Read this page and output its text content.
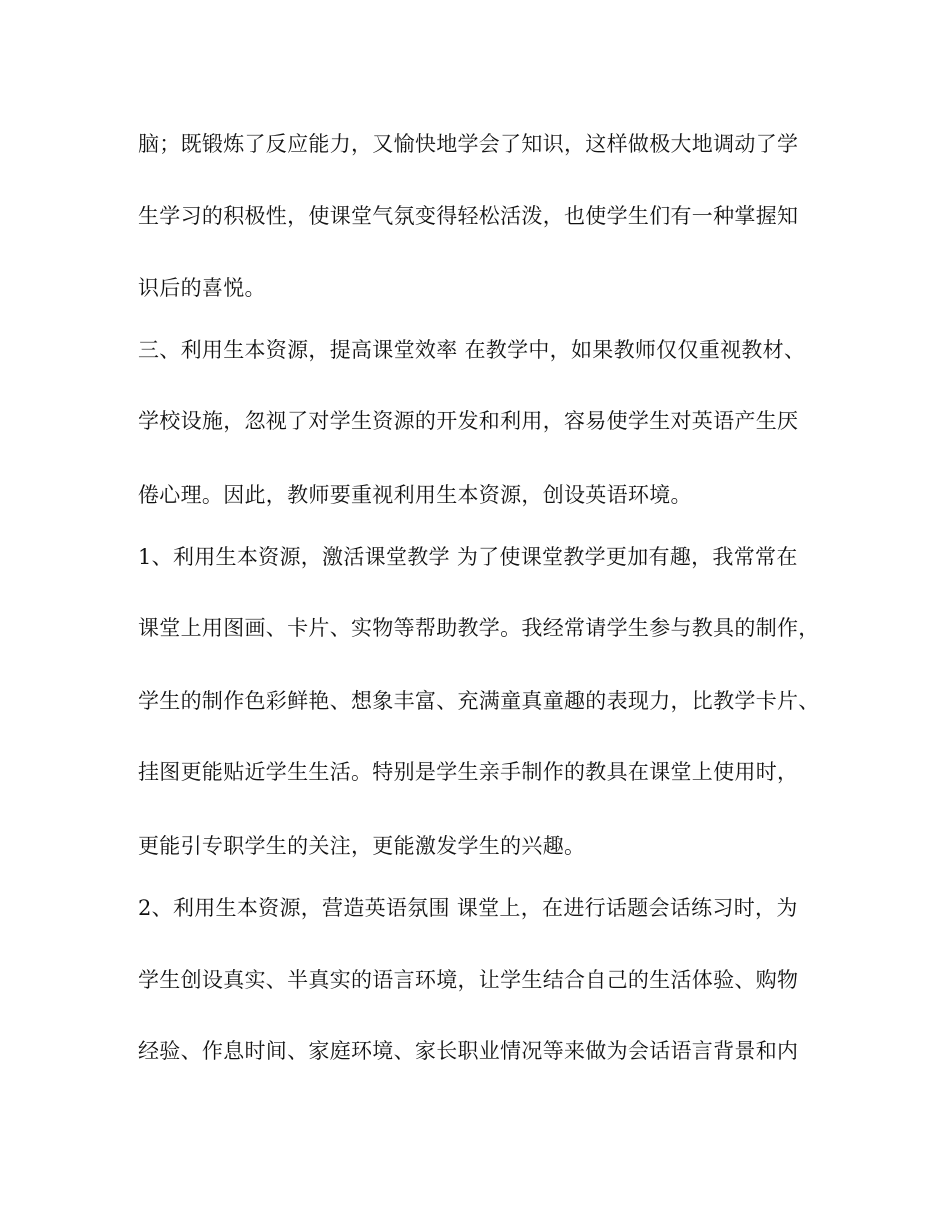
脑；既锻炼了反应能力，又愉快地学会了知识，这样做极大地调动了学
生学习的积极性，使课堂气氛变得轻松活泼，也使学生们有一种掌握知
识后的喜悦。
三、利用生本资源，提高课堂效率 在教学中，如果教师仅仅重视教材、
学校设施，忽视了对学生资源的开发和利用，容易使学生对英语产生厌
倦心理。因此，教师要重视利用生本资源，创设英语环境。
1、利用生本资源，激活课堂教学 为了使课堂教学更加有趣，我常常在
课堂上用图画、卡片、实物等帮助教学。我经常请学生参与教具的制作，
学生的制作色彩鲜艳、想象丰富、充满童真童趣的表现力，比教学卡片、
挂图更能贴近学生生活。特别是学生亲手制作的教具在课堂上使用时，
更能引专职学生的关注，更能激发学生的兴趣。
2、利用生本资源，营造英语氛围 课堂上，在进行话题会话练习时，为
学生创设真实、半真实的语言环境，让学生结合自己的生活体验、购物
经验、作息时间、家庭环境、家长职业情况等来做为会话语言背景和内
